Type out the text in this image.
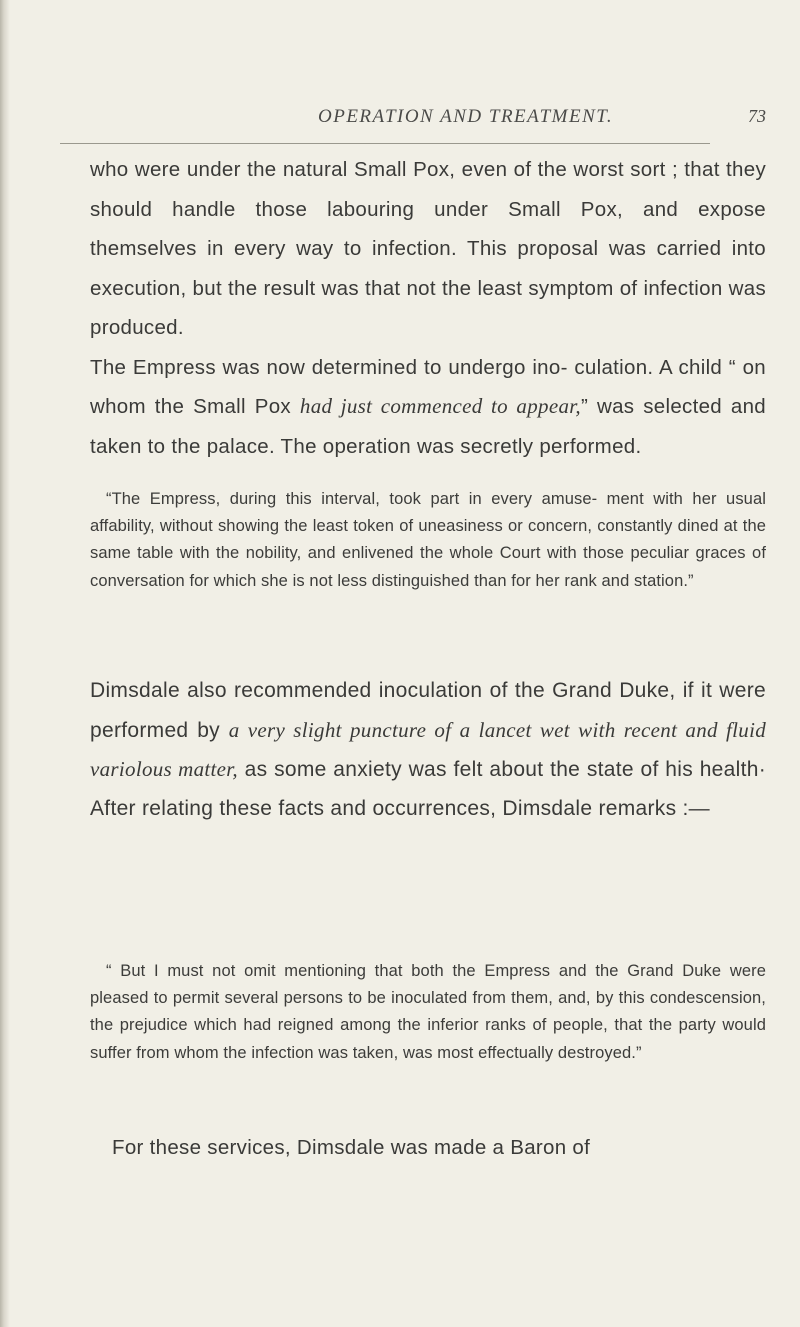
OPERATION AND TREATMENT.	73

who were under the natural Small Pox, even of the worst sort ; that they should handle those labouring under Small Pox, and expose themselves in every way to infection. This proposal was carried into execution, but the result was that not the least symptom of infection was produced.
The Empress was now determined to undergo ino- culation. A child “ on whom the Small Pox had just commenced to appear,” was selected and taken to the palace. The operation was secretly performed.

“The Empress, during this interval, took part in every amuse- ment with her usual affability, without showing the least token of uneasiness or concern, constantly dined at the same table with the nobility, and enlivened the whole Court with those peculiar graces of conversation for which she is not less distinguished than for her rank and station.”

Dimsdale also recommended inoculation of the Grand Duke, if it were performed by a very slight puncture of a lancet wet with recent and fluid variolous matter, as some anxiety was felt about the state of his health· After relating these facts and occurrences, Dimsdale remarks :—

“ But I must not omit mentioning that both the Empress and the Grand Duke were pleased to permit several persons to be inoculated from them, and, by this condescension, the prejudice which had reigned among the inferior ranks of people, that the party would suffer from whom the infection was taken, was most effectually destroyed.”

For these services, Dimsdale was made a Baron of
